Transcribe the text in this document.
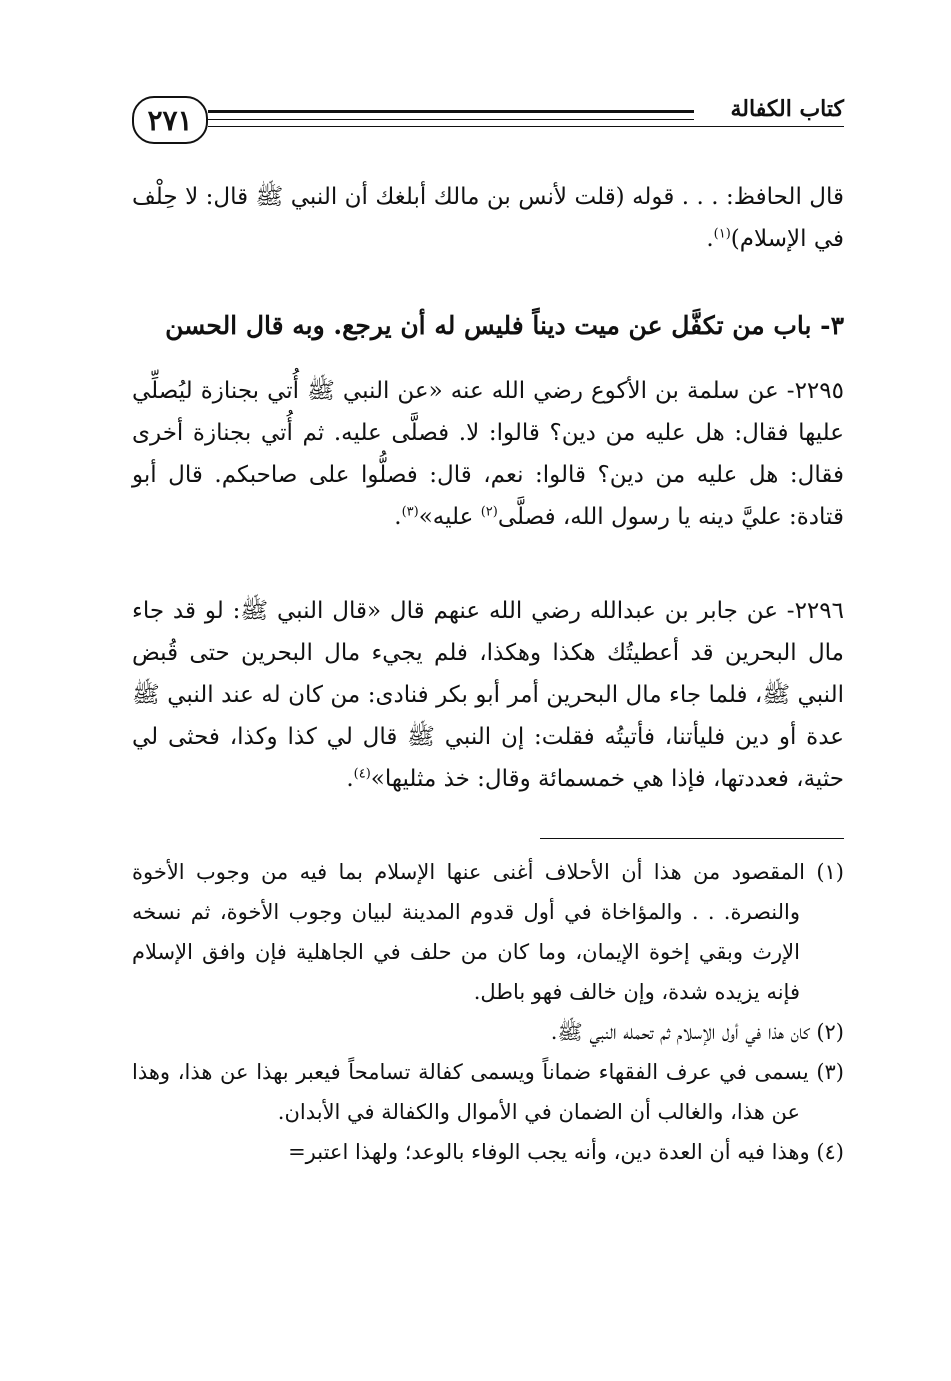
٢٧١	كتاب الكفالة
قال الحافظ: . . . قوله (قلت لأنس بن مالك أبلغك أن النبي ﷺ قال: لا حِلْف في الإسلام)$^{(١)}$.
٣- باب من تكفَّل عن ميت ديناً فليس له أن يرجع. وبه قال الحسن
٢٢٩٥- عن سلمة بن الأكوع رضي الله عنه «عن النبي ﷺ أُتي بجنازة ليُصلِّي عليها فقال: هل عليه من دين؟ قالوا: لا. فصلَّى عليه. ثم أُتي بجنازة أخرى فقال: هل عليه من دين؟ قالوا: نعم، قال: فصلُّوا على صاحبكم. قال أبو قتادة: عليَّ دينه يا رسول الله، فصلَّى$^{(٢)}$ عليه»$^{(٣)}$.
٢٢٩٦- عن جابر بن عبدالله رضي الله عنهم قال «قال النبي ﷺ: لو قد جاء مال البحرين قد أعطيتُك هكذا وهكذا، فلم يجيء مال البحرين حتى قُبض النبي ﷺ، فلما جاء مال البحرين أمر أبو بكر فنادى: من كان له عند النبي ﷺ عدة أو دين فليأتنا، فأتيتُه فقلت: إن النبي ﷺ قال لي كذا وكذا، فحثى لي حثية، فعددتها، فإذا هي خمسمائة وقال: خذ مثليها»$^{(٤)}$.

(١) المقصود من هذا أن الأحلاف أغنى عنها الإسلام بما فيه من وجوب الأخوة والنصرة. . . والمؤاخاة في أول قدوم المدينة لبيان وجوب الأخوة، ثم نسخه الإرث وبقي إخوة الإيمان، وما كان من حلف في الجاهلية فإن وافق الإسلام فإنه يزيده شدة، وإن خالف فهو باطل.

(٢) كان هذا في أول الإسلام ثم تحمله النبي ﷺ.

(٣) يسمى في عرف الفقهاء ضماناً ويسمى كفالة تسامحاً فيعبر بهذا عن هذا، وهذا عن هذا، والغالب أن الضمان في الأموال والكفالة في الأبدان.

(٤) وهذا فيه أن العدة دين، وأنه يجب الوفاء بالوعد؛ ولهذا اعتبر=
